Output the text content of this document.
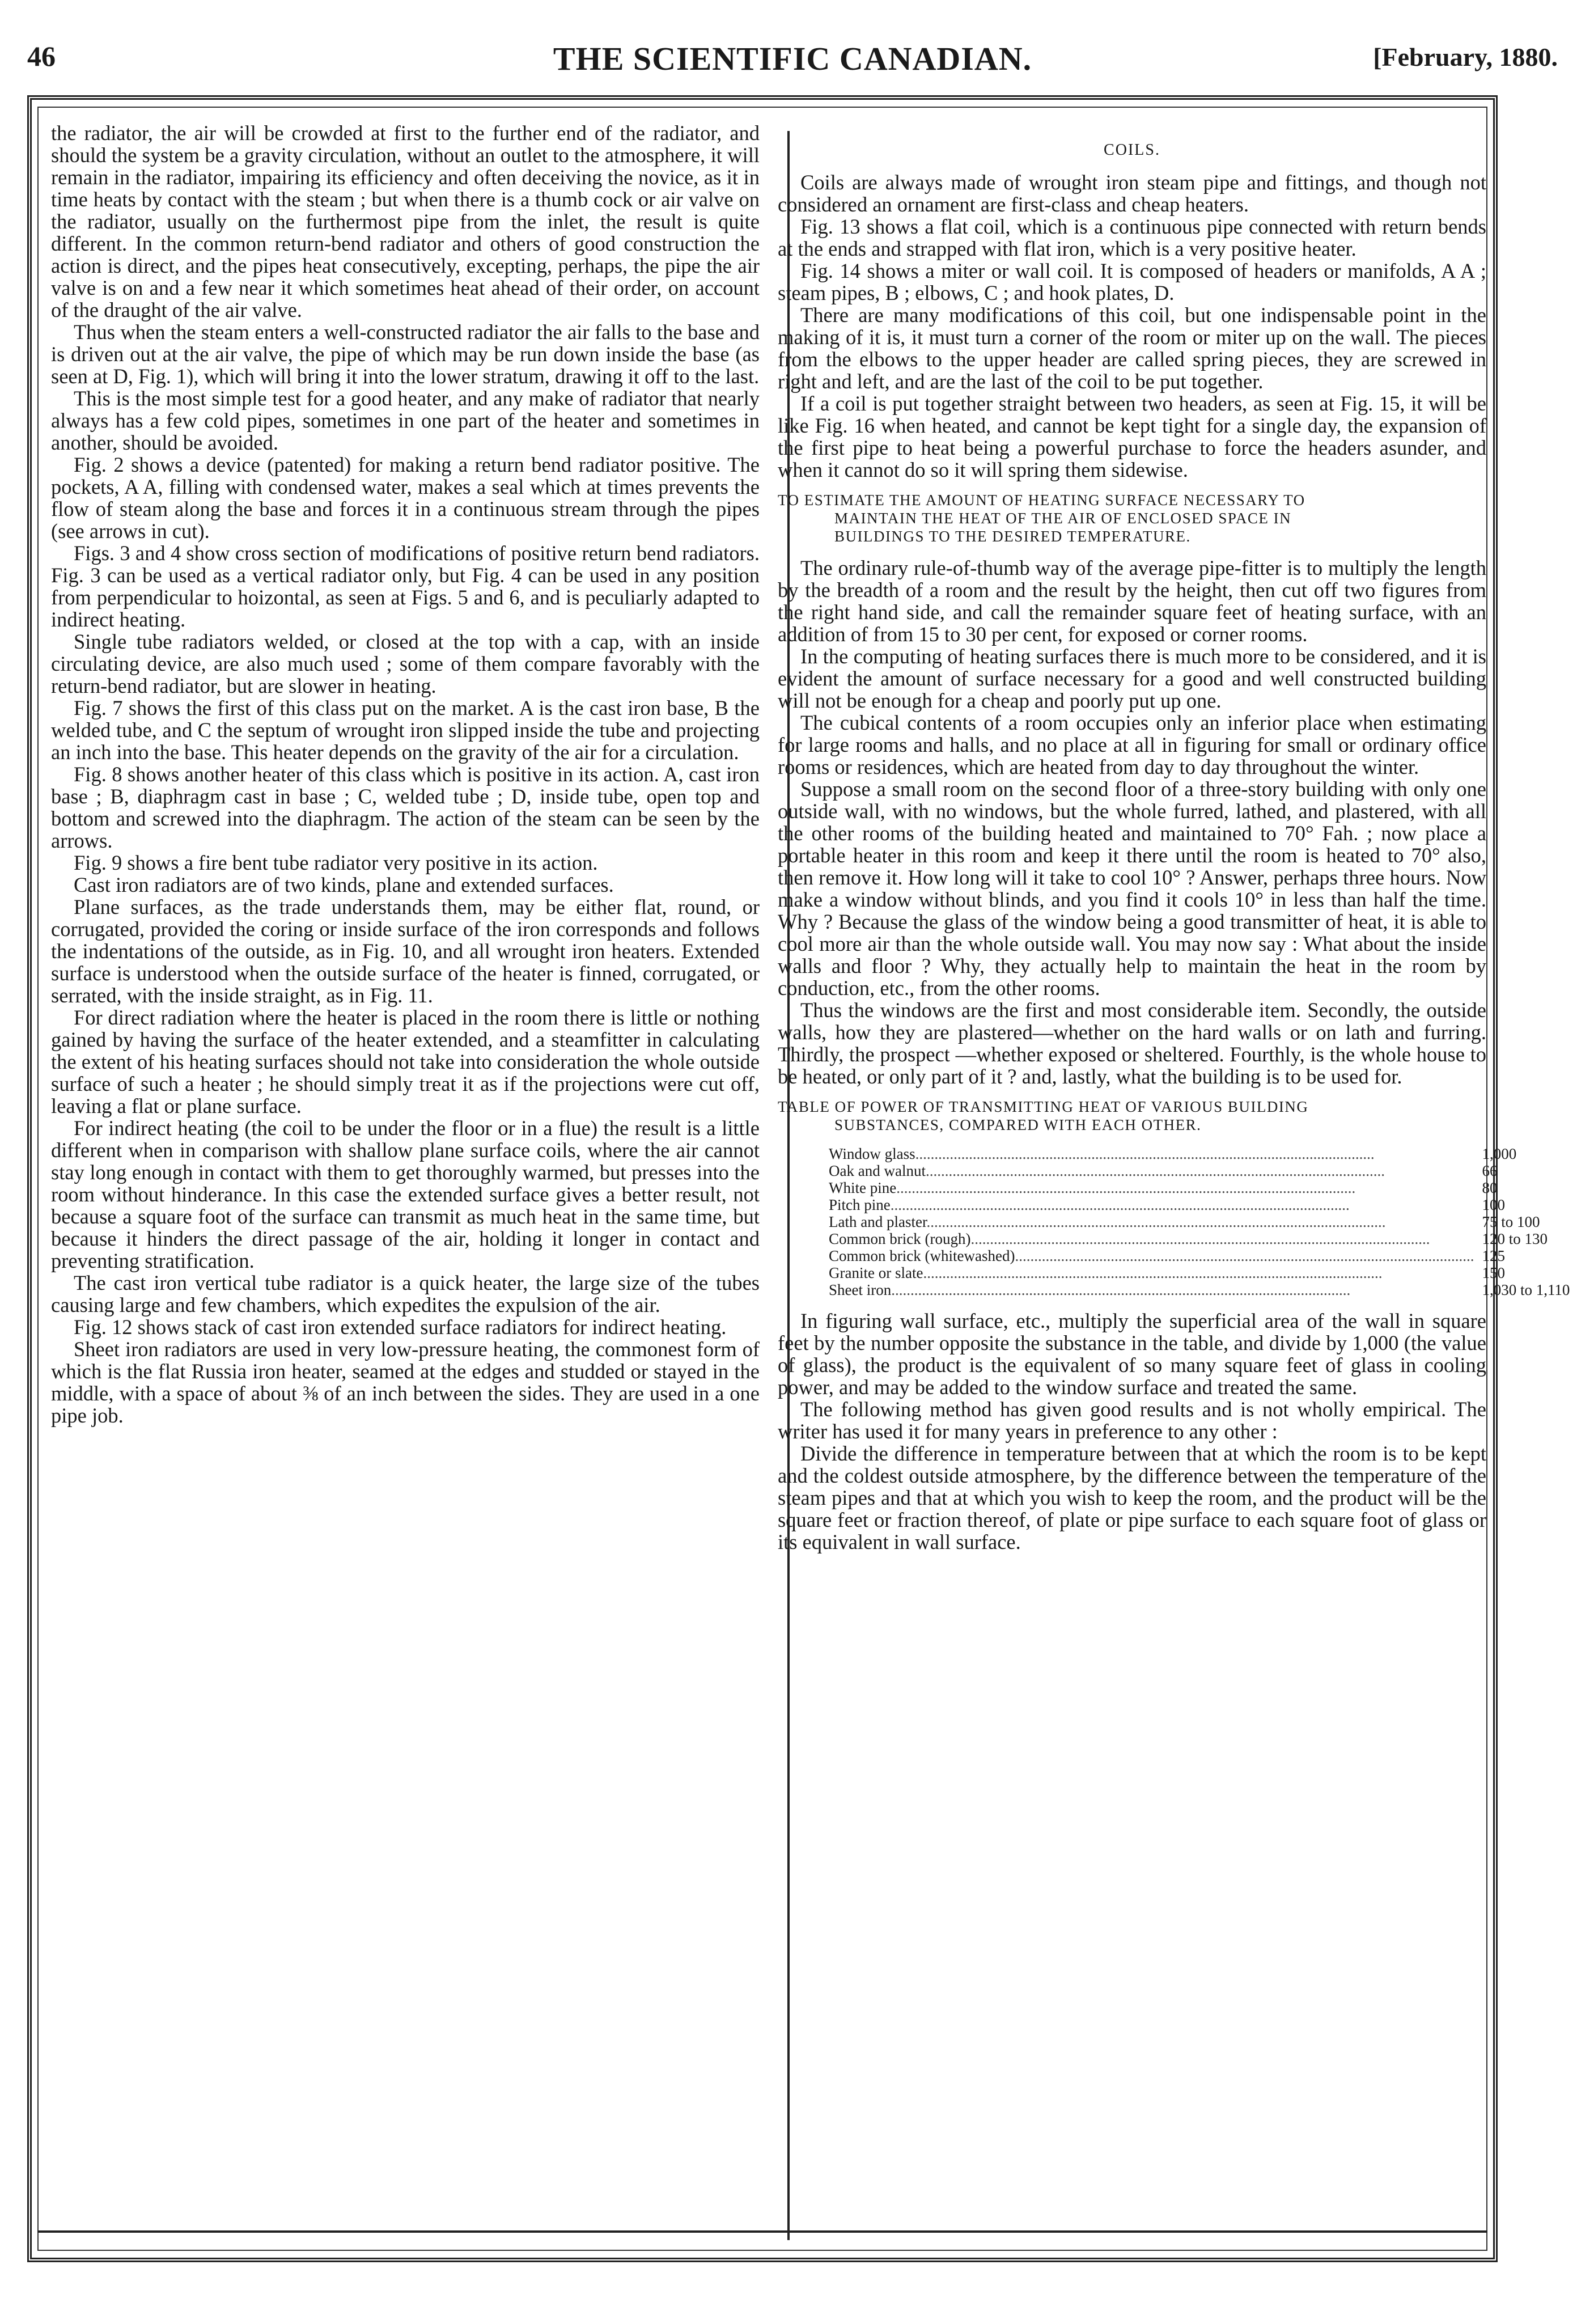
46	THE SCIENTIFIC CANADIAN.	[February, 1880.

the radiator, the air will be crowded at first to the further end of the radiator, and should the system be a gravity circulation, without an outlet to the atmosphere, it will remain in the radiator, impairing its efficiency and often deceiving the novice, as it in time heats by contact with the steam ; but when there is a thumb cock or air valve on the radiator, usually on the furthermost pipe from the inlet, the result is quite different. In the common return-bend radiator and others of good construction the action is direct, and the pipes heat consecutively, excepting, perhaps, the pipe the air valve is on and a few near it which sometimes heat ahead of their order, on account of the draught of the air valve.

Thus when the steam enters a well-constructed radiator the air falls to the base and is driven out at the air valve, the pipe of which may be run down inside the base (as seen at D, Fig. 1), which will bring it into the lower stratum, drawing it off to the last.

This is the most simple test for a good heater, and any make of radiator that nearly always has a few cold pipes, sometimes in one part of the heater and sometimes in another, should be avoided.

Fig. 2 shows a device (patented) for making a return bend radiator positive. The pockets, A A, filling with condensed water, makes a seal which at times prevents the flow of steam along the base and forces it in a continuous stream through the pipes (see arrows in cut).

Figs. 3 and 4 show cross section of modifications of positive return bend radiators. Fig. 3 can be used as a vertical radiator only, but Fig. 4 can be used in any position from perpendicular to hoizontal, as seen at Figs. 5 and 6, and is peculiarly adapted to indirect heating.

Single tube radiators welded, or closed at the top with a cap, with an inside circulating device, are also much used ; some of them compare favorably with the return-bend radiator, but are slower in heating.

Fig. 7 shows the first of this class put on the market. A is the cast iron base, B the welded tube, and C the septum of wrought iron slipped inside the tube and projecting an inch into the base. This heater depends on the gravity of the air for a circulation.

Fig. 8 shows another heater of this class which is positive in its action. A, cast iron base ; B, diaphragm cast in base ; C, welded tube ; D, inside tube, open top and bottom and screwed into the diaphragm. The action of the steam can be seen by the arrows.

Fig. 9 shows a fire bent tube radiator very positive in its action.

Cast iron radiators are of two kinds, plane and extended surfaces.

Plane surfaces, as the trade understands them, may be either flat, round, or corrugated, provided the coring or inside surface of the iron corresponds and follows the indentations of the outside, as in Fig. 10, and all wrought iron heaters. Extended surface is understood when the outside surface of the heater is finned, corrugated, or serrated, with the inside straight, as in Fig. 11.

For direct radiation where the heater is placed in the room there is little or nothing gained by having the surface of the heater extended, and a steamfitter in calculating the extent of his heating surfaces should not take into consideration the whole outside surface of such a heater ; he should simply treat it as if the projections were cut off, leaving a flat or plane surface.

For indirect heating (the coil to be under the floor or in a flue) the result is a little different when in comparison with shallow plane surface coils, where the air cannot stay long enough in contact with them to get thoroughly warmed, but presses into the room without hinderance. In this case the extended surface gives a better result, not because a square foot of the surface can transmit as much heat in the same time, but because it hinders the direct passage of the air, holding it longer in contact and preventing stratification.

The cast iron vertical tube radiator is a quick heater, the large size of the tubes causing large and few chambers, which expedites the expulsion of the air.

Fig. 12 shows stack of cast iron extended surface radiators for indirect heating.

Sheet iron radiators are used in very low-pressure heating, the commonest form of which is the flat Russia iron heater, seamed at the edges and studded or stayed in the middle, with a space of about ⅜ of an inch between the sides. They are used in a one pipe job.

COILS.

Coils are always made of wrought iron steam pipe and fittings, and though not considered an ornament are first-class and cheap heaters.

Fig. 13 shows a flat coil, which is a continuous pipe connected with return bends at the ends and strapped with flat iron, which is a very positive heater.

Fig. 14 shows a miter or wall coil. It is composed of headers or manifolds, A A ; steam pipes, B ; elbows, C ; and hook plates, D.

There are many modifications of this coil, but one indispensable point in the making of it is, it must turn a corner of the room or miter up on the wall. The pieces from the elbows to the upper header are called spring pieces, they are screwed in right and left, and are the last of the coil to be put together.

If a coil is put together straight between two headers, as seen at Fig. 15, it will be like Fig. 16 when heated, and cannot be kept tight for a single day, the expansion of the first pipe to heat being a powerful purchase to force the headers asunder, and when it cannot do so it will spring them sidewise.

TO ESTIMATE THE AMOUNT OF HEATING SURFACE NECESSARY TO
MAINTAIN THE HEAT OF THE AIR OF ENCLOSED SPACE IN
BUILDINGS TO THE DESIRED TEMPERATURE.

The ordinary rule-of-thumb way of the average pipe-fitter is to multiply the length by the breadth of a room and the result by the height, then cut off two figures from the right hand side, and call the remainder square feet of heating surface, with an addition of from 15 to 30 per cent, for exposed or corner rooms.

In the computing of heating surfaces there is much more to be considered, and it is evident the amount of surface necessary for a good and well constructed building will not be enough for a cheap and poorly put up one.

The cubical contents of a room occupies only an inferior place when estimating for large rooms and halls, and no place at all in figuring for small or ordinary office rooms or residences, which are heated from day to day throughout the winter.

Suppose a small room on the second floor of a three-story building with only one outside wall, with no windows, but the whole furred, lathed, and plastered, with all the other rooms of the building heated and maintained to 70° Fah. ; now place a portable heater in this room and keep it there until the room is heated to 70° also, then remove it. How long will it take to cool 10° ? Answer, perhaps three hours. Now make a window without blinds, and you find it cools 10° in less than half the time. Why ? Because the glass of the window being a good transmitter of heat, it is able to cool more air than the whole outside wall. You may now say : What about the inside walls and floor ? Why, they actually help to maintain the heat in the room by conduction, etc., from the other rooms.

Thus the windows are the first and most considerable item. Secondly, the outside walls, how they are plastered—whether on the hard walls or on lath and furring. Thirdly, the prospect —whether exposed or sheltered. Fourthly, is the whole house to be heated, or only part of it ? and, lastly, what the building is to be used for.

TABLE OF POWER OF TRANSMITTING HEAT OF VARIOUS BUILDING
SUBSTANCES, COMPARED WITH EACH OTHER.
Window glass........................................................................................................................	1,000
Oak and walnut........................................................................................................................	66
White pine........................................................................................................................	80
Pitch pine........................................................................................................................	100
Lath and plaster........................................................................................................................	75 to 100
Common brick (rough)........................................................................................................................	120 to 130
Common brick (whitewashed)........................................................................................................................	125
Granite or slate........................................................................................................................	150
Sheet iron........................................................................................................................	1,030 to 1,110

In figuring wall surface, etc., multiply the superficial area of the wall in square feet by the number opposite the substance in the table, and divide by 1,000 (the value of glass), the product is the equivalent of so many square feet of glass in cooling power, and may be added to the window surface and treated the same.

The following method has given good results and is not wholly empirical. The writer has used it for many years in preference to any other :

Divide the difference in temperature between that at which the room is to be kept and the coldest outside atmosphere, by the difference between the temperature of the steam pipes and that at which you wish to keep the room, and the product will be the square feet or fraction thereof, of plate or pipe surface to each square foot of glass or its equivalent in wall surface.
